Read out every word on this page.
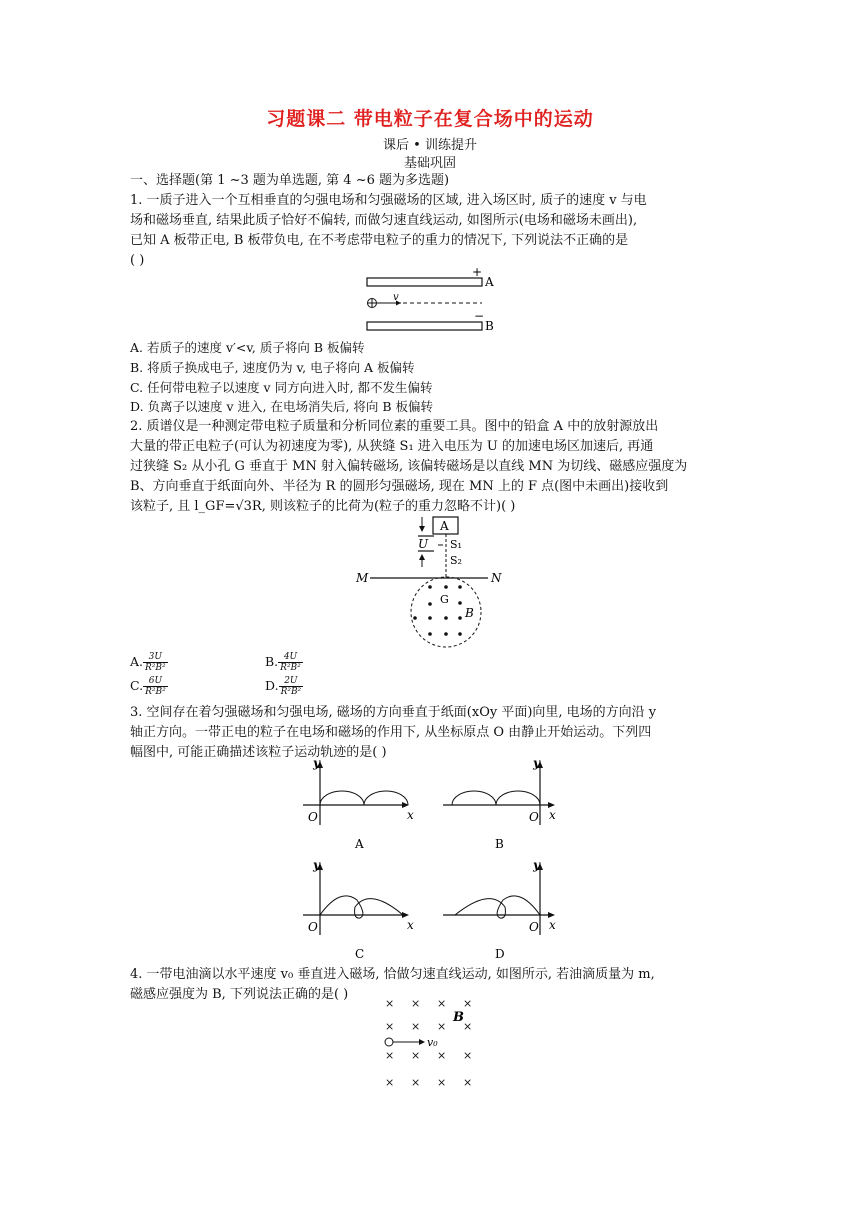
习题课二 带电粒子在复合场中的运动
课后 • 训练提升
基础巩固
一、选择题(第 1 ~3 题为单选题, 第 4 ~6 题为多选题)
1. 一质子进入一个互相垂直的匀强电场和匀强磁场的区域, 进入场区时, 质子的速度 v 与电
场和磁场垂直, 结果此质子恰好不偏转, 而做匀速直线运动, 如图所示(电场和磁场未画出),
已知 A 板带正电, B 板带负电, 在不考虑带电粒子的重力的情况下, 下列说法不正确的是
( )
+
−
A
B
v
A. 若质子的速度 v′<v, 质子将向 B 板偏转
B. 将质子换成电子, 速度仍为 v, 电子将向 A 板偏转
C. 任何带电粒子以速度 v 同方向进入时, 都不发生偏转
D. 负离子以速度 v 进入, 在电场消失后, 将向 B 板偏转
2. 质谱仪是一种测定带电粒子质量和分析同位素的重要工具。图中的铅盒 A 中的放射源放出
大量的带正电粒子(可认为初速度为零), 从狭缝 S₁ 进入电压为 U 的加速电场区加速后, 再通
过狭缝 S₂ 从小孔 G 垂直于 MN 射入偏转磁场, 该偏转磁场是以直线 MN 为切线、磁感应强度为
B、方向垂直于纸面向外、半径为 R 的圆形匀强磁场, 现在 MN 上的 F 点(图中未画出)接收到
该粒子, 且 l_GF=√3R, 则该粒子的比荷为(粒子的重力忽略不计)( )
A
U S₁
S₂
M	N
G
B
A. $\frac{3U}{\text{R²B²}}$	B. $\frac{4U}{\text{R²B²}}$
C. $\frac{6U}{\text{R²B²}}$	D. $\frac{2U}{\text{R²B²}}$
3. 空间存在着匀强磁场和匀强电场, 磁场的方向垂直于纸面(xOy 平面)向里, 电场的方向沿 y
轴正方向。一带正电的粒子在电场和磁场的作用下, 从坐标原点 O 由静止开始运动。下列四
幅图中, 可能正确描述该粒子运动轨迹的是( )
y
x
O
A
y
x
O
B
y
x
O
C
y
x
O
D
4. 一带电油滴以水平速度 v₀ 垂直进入磁场, 恰做匀速直线运动, 如图所示, 若油滴质量为 m,
磁感应强度为 B, 下列说法正确的是( )
× × × ×
× × × ×
× × × ×
× × × ×
B
v₀
